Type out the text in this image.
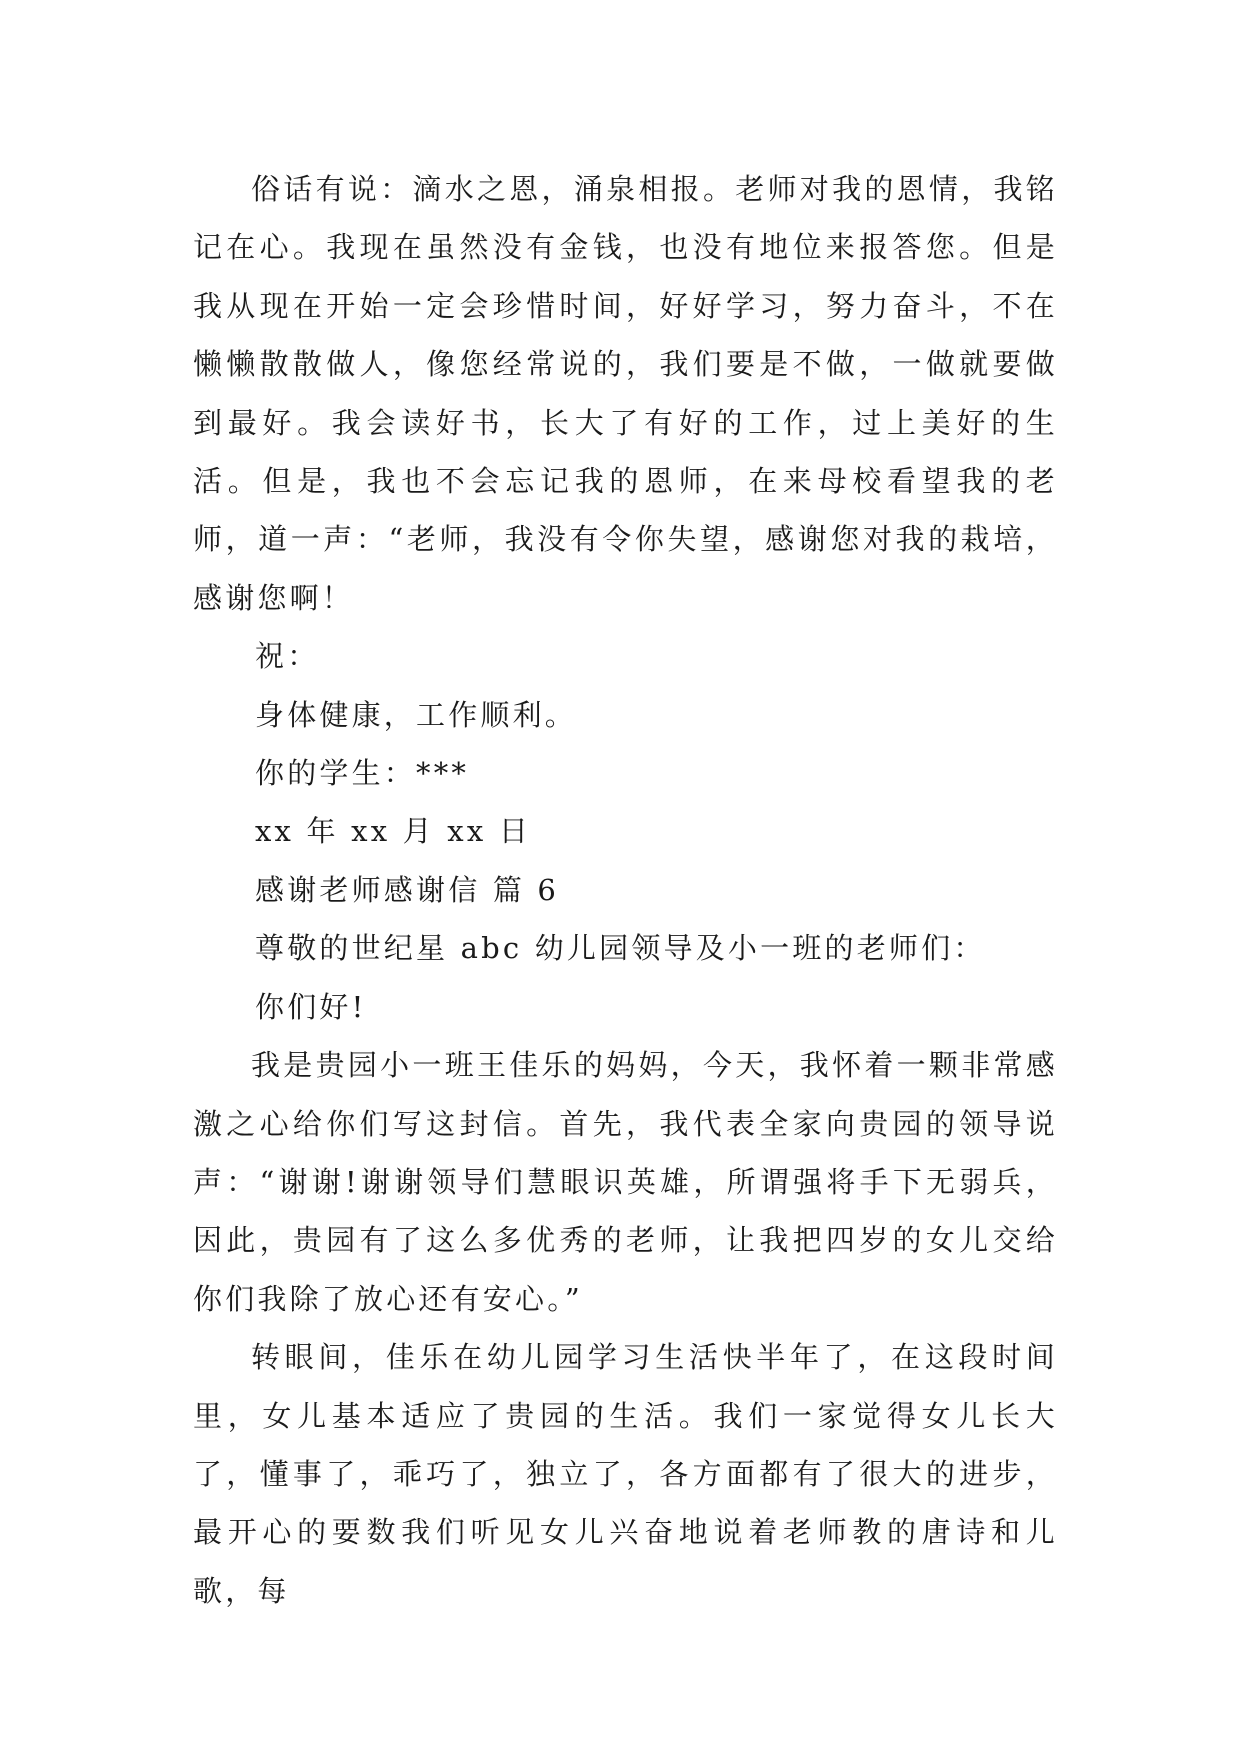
俗话有说：滴水之恩，涌泉相报。老师对我的恩情，我铭记在心。我现在虽然没有金钱，也没有地位来报答您。但是我从现在开始一定会珍惜时间，好好学习，努力奋斗，不在懒懒散散做人，像您经常说的，我们要是不做，一做就要做到最好。我会读好书，长大了有好的工作，过上美好的生活。但是，我也不会忘记我的恩师，在来母校看望我的老师，道一声：“老师，我没有令你失望，感谢您对我的栽培，感谢您啊！

祝：

身体健康，工作顺利。

你的学生：***

xx 年 xx 月 xx 日

感谢老师感谢信 篇 6

尊敬的世纪星 abc 幼儿园领导及小一班的老师们：

你们好!

我是贵园小一班王佳乐的妈妈，今天，我怀着一颗非常感激之心给你们写这封信。首先，我代表全家向贵园的领导说声：“谢谢!谢谢领导们慧眼识英雄，所谓强将手下无弱兵，因此，贵园有了这么多优秀的老师，让我把四岁的女儿交给你们我除了放心还有安心。”

转眼间，佳乐在幼儿园学习生活快半年了，在这段时间里，女儿基本适应了贵园的生活。我们一家觉得女儿长大了，懂事了，乖巧了，独立了，各方面都有了很大的进步，最开心的要数我们听见女儿兴奋地说着老师教的唐诗和儿歌，每
